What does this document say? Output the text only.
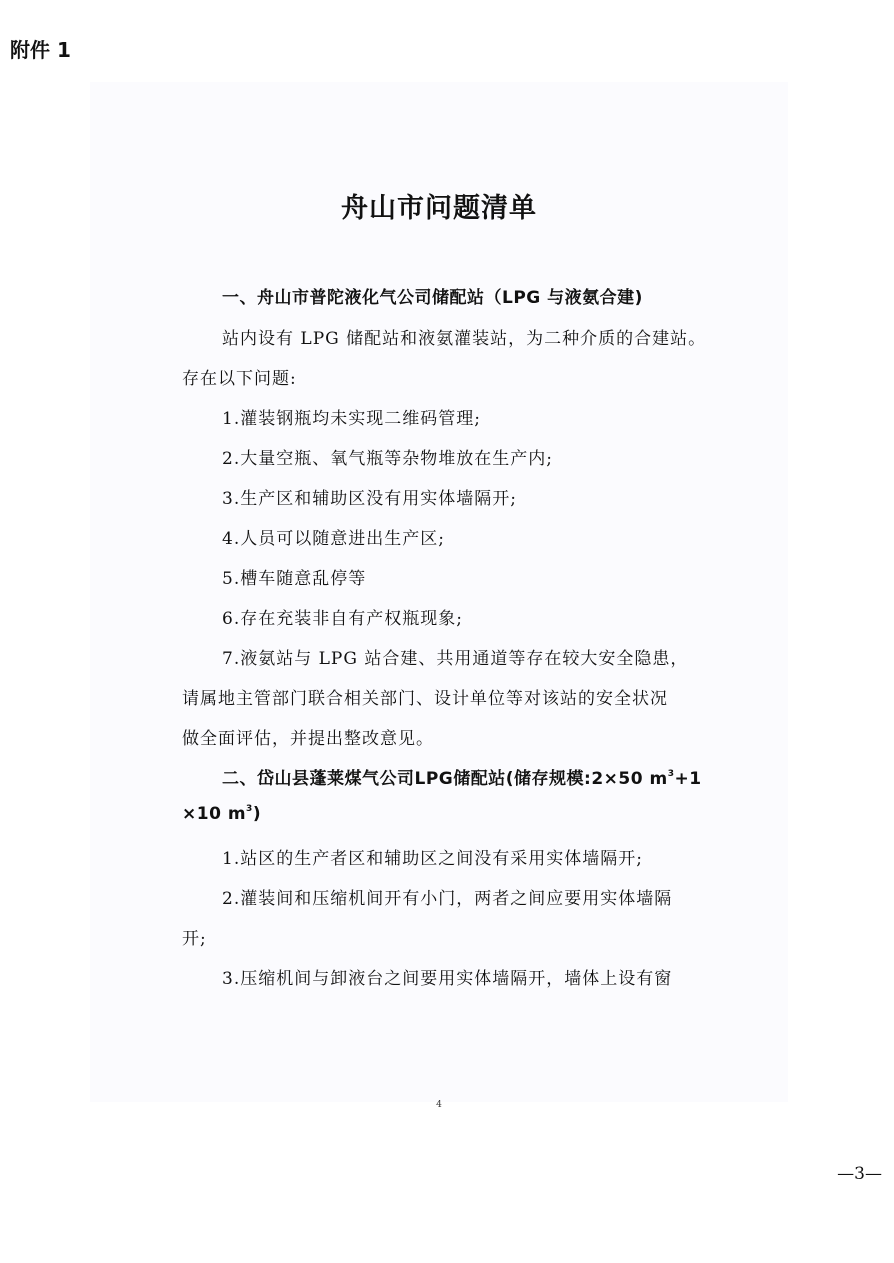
附件 1
舟山市问题清单
一、舟山市普陀液化气公司储配站（LPG 与液氨合建)
站内设有 LPG 储配站和液氨灌装站，为二种介质的合建站。
存在以下问题:
1.灌装钢瓶均未实现二维码管理;
2.大量空瓶、氧气瓶等杂物堆放在生产内;
3.生产区和辅助区没有用实体墙隔开;
4.人员可以随意进出生产区;
5.槽车随意乱停等
6.存在充装非自有产权瓶现象;
7.液氨站与 LPG 站合建、共用通道等存在较大安全隐患，
请属地主管部门联合相关部门、设计单位等对该站的安全状况
做全面评估，并提出整改意见。
二、岱山县蓬莱煤气公司LPG储配站(储存规模:2×50 $m^3+1$
×10 $m^3$)
1.站区的生产者区和辅助区之间没有采用实体墙隔开;
2.灌装间和压缩机间开有小门，两者之间应要用实体墙隔
开;
3.压缩机间与卸液台之间要用实体墙隔开，墙体上设有窗
4
—3—
